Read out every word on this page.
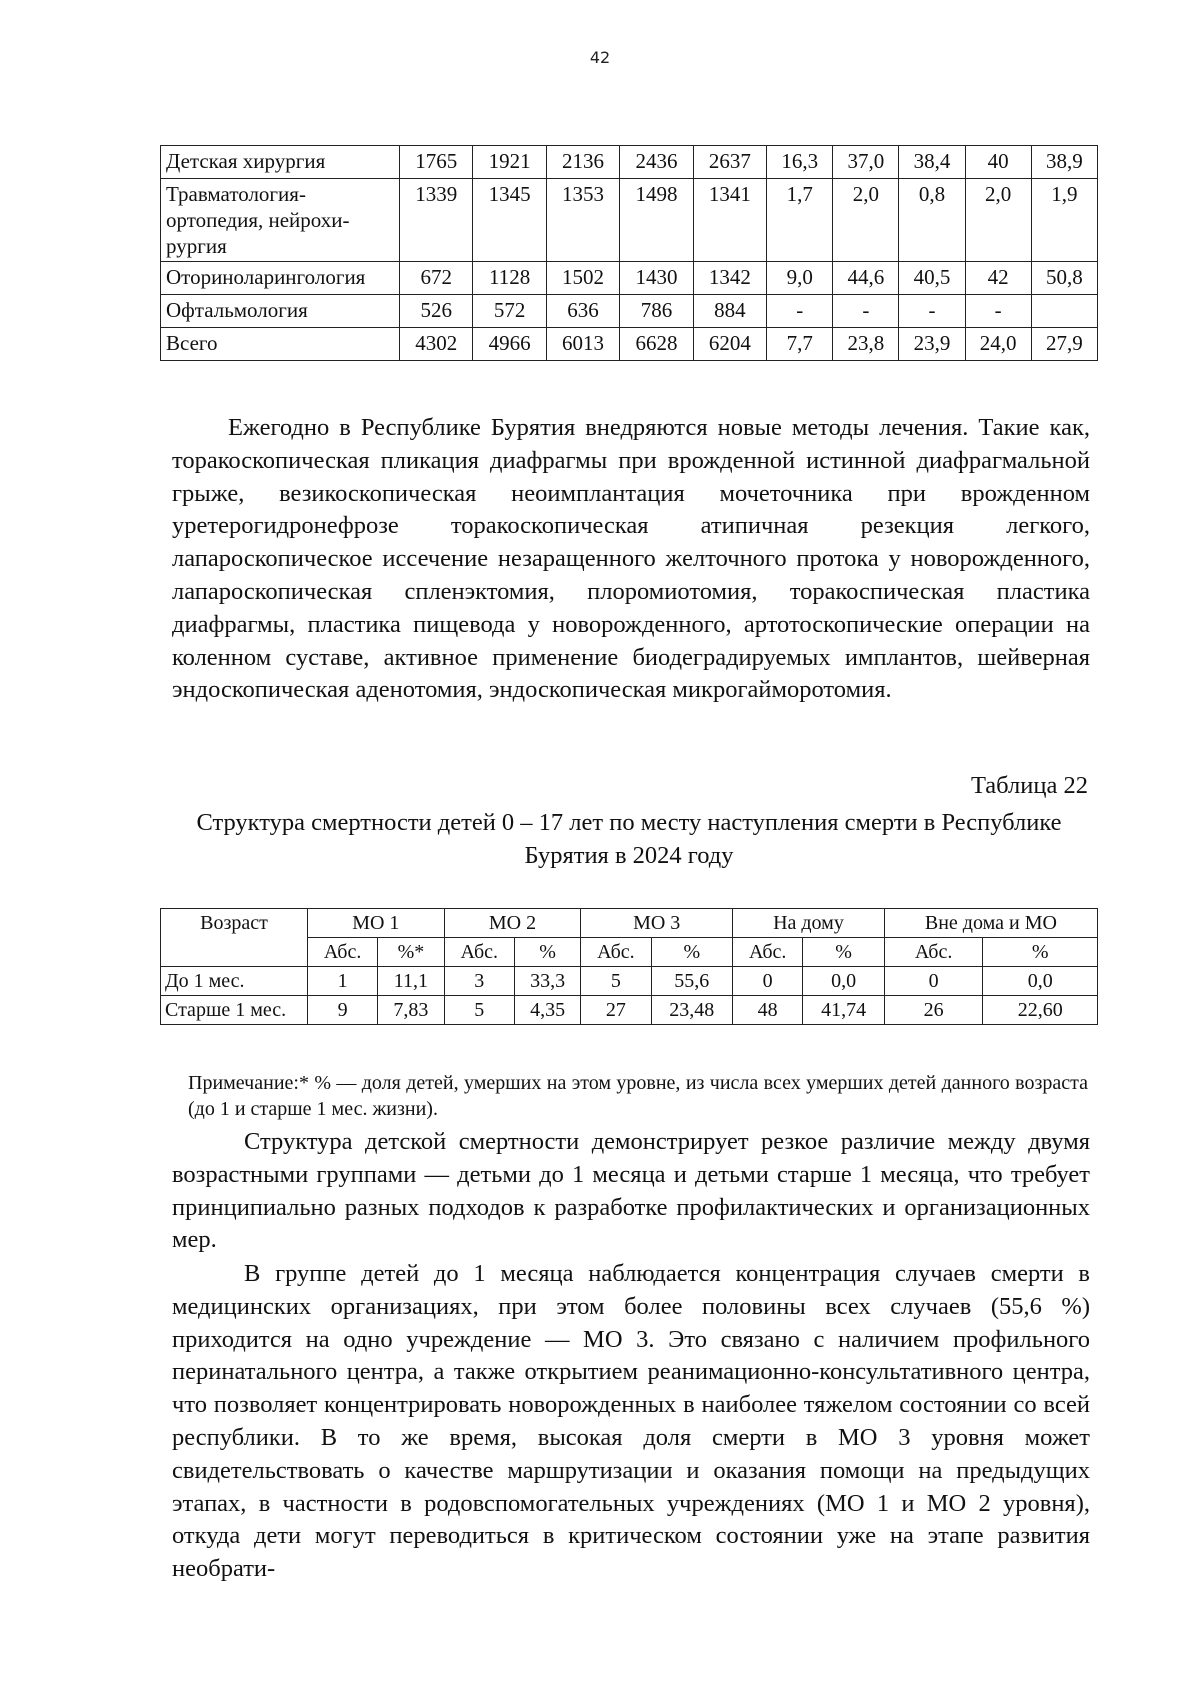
42
Детская хирургия	1765	1921	2136	2436	2637	16,3	37,0	38,4	40	38,9
Травматология-ортопедия, нейрохи-рургия	1339	1345	1353	1498	1341	1,7	2,0	0,8	2,0	1,9
Оториноларингология	672	1128	1502	1430	1342	9,0	44,6	40,5	42	50,8
Офтальмология	526	572	636	786	884	-	-	-	-	
Всего	4302	4966	6013	6628	6204	7,7	23,8	23,9	24,0	27,9

Ежегодно в Республике Бурятия внедряются новые методы лечения. Такие как, торакоскопическая пликация диафрагмы при врожденной истинной диафрагмальной грыже, везикоскопическая неоимплантация мочеточника при врожденном уретерогидронефрозе торакоскопическая атипичная резекция легкого, лапароскопическое иссечение незаращенного желточного протока у новорожденного, лапароскопическая спленэктомия, плоромиотомия, торакоспическая пластика диафрагмы, пластика пищевода у новорожденного, артотоскопические операции на коленном суставе, активное применение биодеградируемых имплантов, шейверная эндоскопическая аденотомия, эндоскопическая микрогайморотомия.

Таблица 22
Структура смертности детей 0 – 17 лет по месту наступления смерти в Республике Бурятия в 2024 году
Возраст	МО 1		МО 2		МО 3		На дому		Вне дома и МО	
	Абс.	%*	Абс.	%	Абс.	%	Абс.	%	Абс.	%
До 1 мес.	1	11,1	3	33,3	5	55,6	0	0,0	0	0,0
Старше 1 мес.	9	7,83	5	4,35	27	23,48	48	41,74	26	22,60

Примечание:* % — доля детей, умерших на этом уровне, из числа всех умерших детей данного возраста (до 1 и старше 1 мес. жизни).

Структура детской смертности демонстрирует резкое различие между двумя возрастными группами — детьми до 1 месяца и детьми старше 1 месяца, что требует принципиально разных подходов к разработке профилактических и организационных мер.

В группе детей до 1 месяца наблюдается концентрация случаев смерти в медицинских организациях, при этом более половины всех случаев (55,6 %) приходится на одно учреждение — МО 3. Это связано с наличием профильного перинатального центра, а также открытием реанимационно-консультативного центра, что позволяет концентрировать новорожденных в наиболее тяжелом состоянии со всей республики. В то же время, высокая доля смерти в МО 3 уровня может свидетельствовать о качестве маршрутизации и оказания помощи на предыдущих этапах, в частности в родовспомогательных учреждениях (МО 1 и МО 2 уровня), откуда дети могут переводиться в критическом состоянии уже на этапе развития необрати-
